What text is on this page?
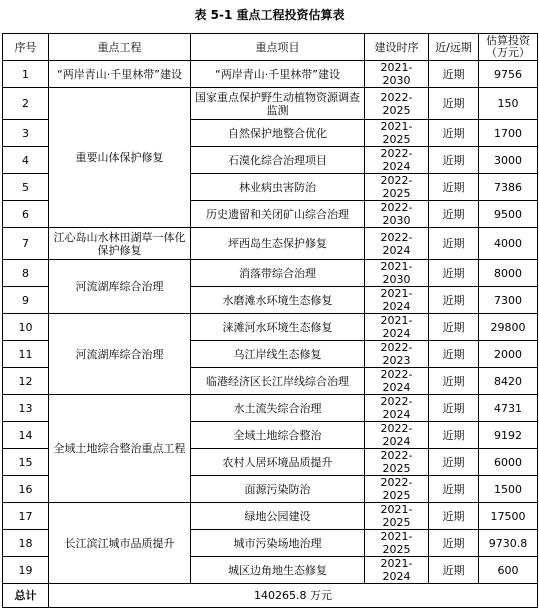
表 5-1 重点工程投资估算表
序号	重点工程	重点项目	建设时序	近/远期	估算投资
（万元）
1	“两岸青山·千里林带”建设	“两岸青山·千里林带”建设	2021-2030	近期	9756
2	重要山体保护修复	国家重点保护野生动植物资源调查监测	2022-2025	近期	150
3		自然保护地整合优化	2021-2025	近期	1700
4		石漠化综合治理项目	2022-2024	近期	3000
5		林业病虫害防治	2022-2025	近期	7386
6		历史遗留和关闭矿山综合治理	2022-2030	近期	9500
7	江心岛山水林田湖草一体化保护修复	坪西岛生态保护修复	2022-2024	近期	4000
8	河流湖库综合治理	消落带综合治理	2021-2030	近期	8000
9		水磨滩水环境生态修复	2021-2024	近期	7300
10	河流湖库综合治理	涞滩河水环境生态修复	2021-2024	近期	29800
11		乌江岸线生态修复	2022-2023	近期	2000
12		临港经济区长江岸线综合治理	2022-2024	近期	8420
13	全域土地综合整治重点工程	水土流失综合治理	2022-2024	近期	4731
14		全域土地综合整治	2022-2024	近期	9192
15		农村人居环境品质提升	2022-2025	近期	6000
16		面源污染防治	2022-2025	近期	1500
17	长江滨江城市品质提升	绿地公园建设	2021-2025	近期	17500
18		城市污染场地治理	2021-2025	近期	9730.8
19		城区边角地生态修复	2021-2024	近期	600
总计	140265.8 万元				
